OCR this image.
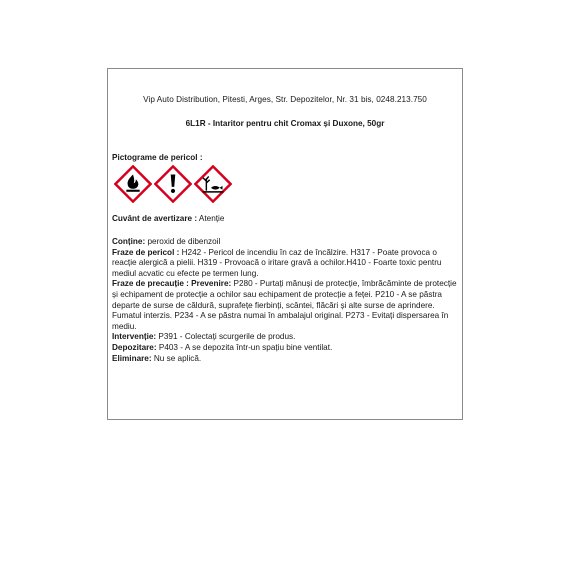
Vip Auto Distribution, Pitesti, Arges, Str. Depozitelor, Nr. 31 bis, 0248.213.750
6L1R - Intaritor pentru chit Cromax și Duxone, 50gr
Pictograme de pericol :
Cuvânt de avertizare : Atenție

Conține: peroxid de dibenzoil

Fraze de pericol : H242 - Pericol de incendiu în caz de încălzire. H317 - Poate provoca o reacție alergică a pielii. H319 - Provoacă o iritare gravă a ochilor.H410 - Foarte toxic pentru mediul acvatic cu efecte pe termen lung.

Fraze de precauție : Prevenire: P280 - Purtați mănuși de protecție, îmbrăcăminte de protecție și echipament de protecție a ochilor sau echipament de protecție a feței. P210 - A se păstra departe de surse de căldură, suprafețe fierbinți, scântei, flăcări și alte surse de aprindere. Fumatul interzis. P234 - A se păstra numai în ambalajul original. P273 - Evitați dispersarea în mediu.

Intervenție: P391 - Colectați scurgerile de produs.

Depozitare: P403 - A se depozita într-un spațiu bine ventilat.

Eliminare: Nu se aplică.
